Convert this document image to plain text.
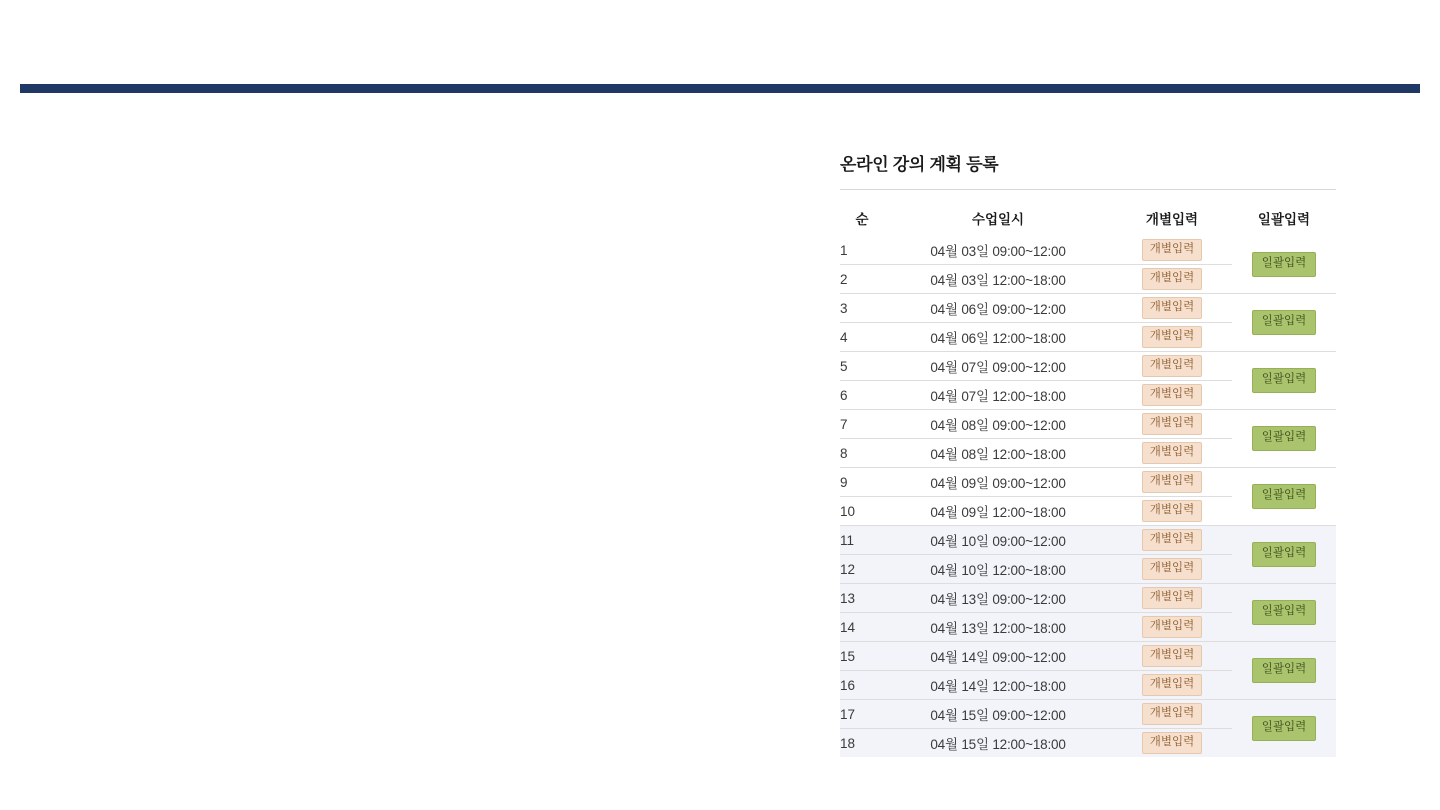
온라인 강의 계획 등록
순	수업일시	개별입력	일괄입력
1	04월 03일 09:00~12:00	개별입력	일괄입력
2	04월 03일 12:00~18:00	개별입력	
3	04월 06일 09:00~12:00	개별입력	일괄입력
4	04월 06일 12:00~18:00	개별입력	
5	04월 07일 09:00~12:00	개별입력	일괄입력
6	04월 07일 12:00~18:00	개별입력	
7	04월 08일 09:00~12:00	개별입력	일괄입력
8	04월 08일 12:00~18:00	개별입력	
9	04월 09일 09:00~12:00	개별입력	일괄입력
10	04월 09일 12:00~18:00	개별입력	
11	04월 10일 09:00~12:00	개별입력	일괄입력
12	04월 10일 12:00~18:00	개별입력	
13	04월 13일 09:00~12:00	개별입력	일괄입력
14	04월 13일 12:00~18:00	개별입력	
15	04월 14일 09:00~12:00	개별입력	일괄입력
16	04월 14일 12:00~18:00	개별입력	
17	04월 15일 09:00~12:00	개별입력	일괄입력
18	04월 15일 12:00~18:00	개별입력	
